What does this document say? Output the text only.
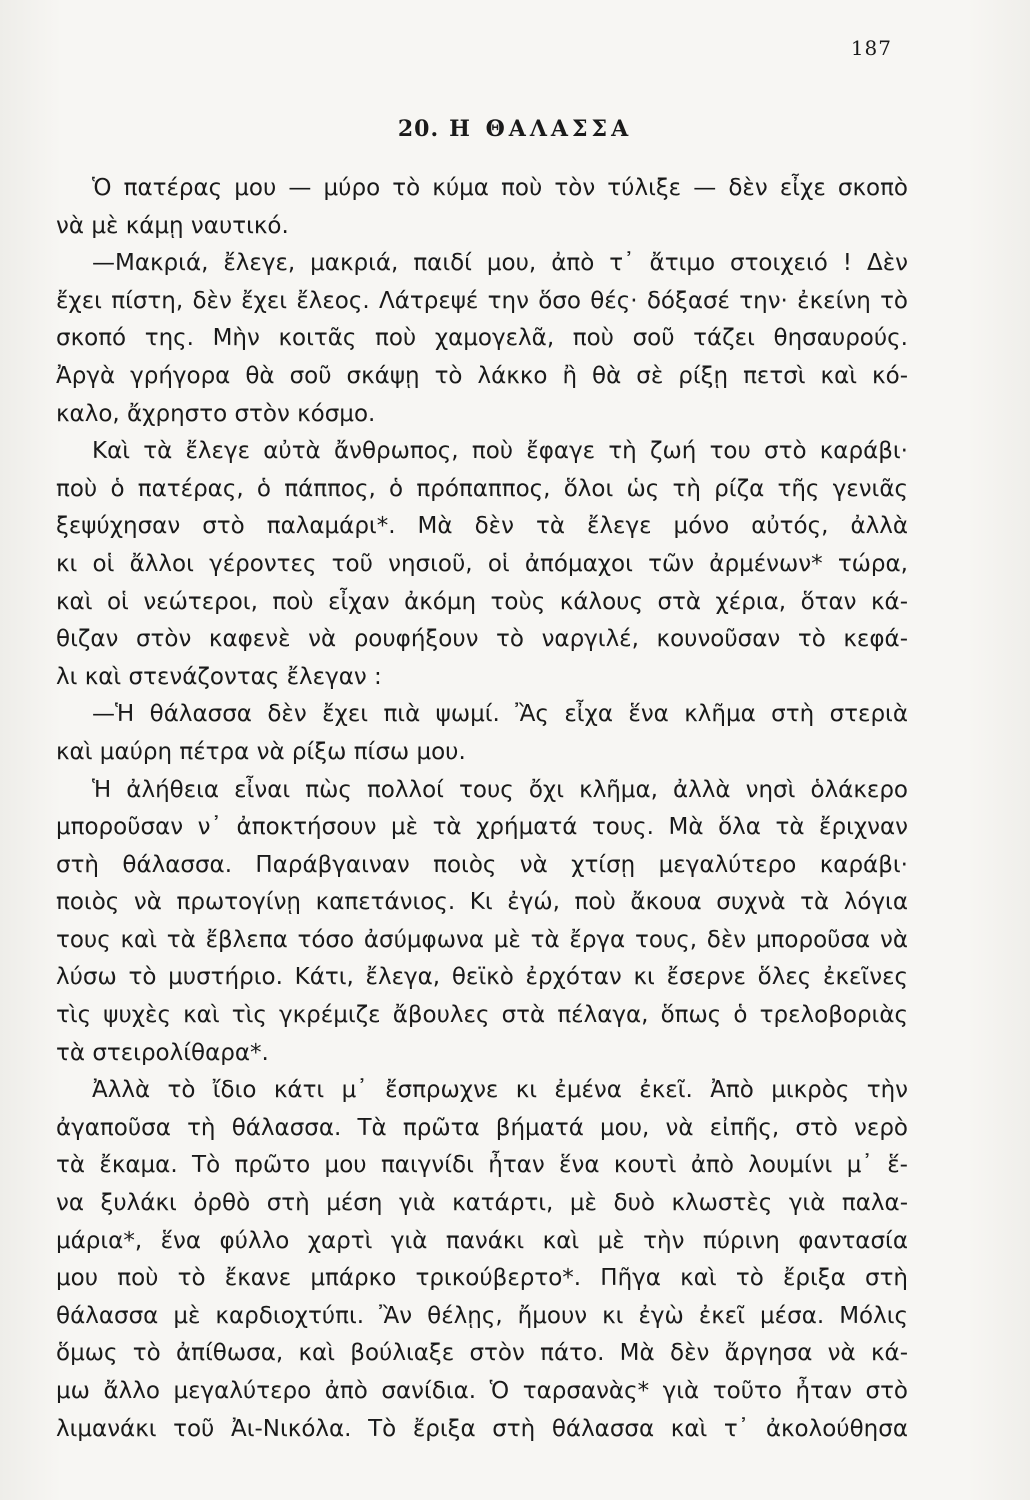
187
20. Η ΘΑΛΑΣΣΑ
Ὁ πατέρας μου — μύρο τὸ κύμα ποὺ τὸν τύλιξε — δὲν εἶχε σκοπὸ
νὰ μὲ κάμῃ ναυτικό.
—Μακριά, ἔλεγε, μακριά, παιδί μου, ἀπὸ τ᾿ ἄτιμο στοιχειό ! Δὲν
ἔχει πίστη, δὲν ἔχει ἔλεος. Λάτρεψέ την ὅσο θές· δόξασέ την· ἐκείνη τὸ
σκοπό της. Μὴν κοιτᾶς ποὺ χαμογελᾶ, ποὺ σοῦ τάζει θησαυρούς.
Ἀργὰ γρήγορα θὰ σοῦ σκάψῃ τὸ λάκκο ἢ θὰ σὲ ρίξῃ πετσὶ καὶ κό-
καλο, ἄχρηστο στὸν κόσμο.
Καὶ τὰ ἔλεγε αὐτὰ ἄνθρωπος, ποὺ ἔφαγε τὴ ζωή του στὸ καράβι·
ποὺ ὁ πατέρας, ὁ πάππος, ὁ πρόπαππος, ὅλοι ὡς τὴ ρίζα τῆς γενιᾶς
ξεψύχησαν στὸ παλαμάρι*. Μὰ δὲν τὰ ἔλεγε μόνο αὐτός, ἀλλὰ
κι οἱ ἄλλοι γέροντες τοῦ νησιοῦ, οἱ ἀπόμαχοι τῶν ἀρμένων* τώρα,
καὶ οἱ νεώτεροι, ποὺ εἶχαν ἀκόμη τοὺς κάλους στὰ χέρια, ὅταν κά-
θιζαν στὸν καφενὲ νὰ ρουφήξουν τὸ ναργιλέ, κουνοῦσαν τὸ κεφά-
λι καὶ στενάζοντας ἔλεγαν :
—Ἡ θάλασσα δὲν ἔχει πιὰ ψωμί. Ἂς εἶχα ἕνα κλῆμα στὴ στεριὰ
καὶ μαύρη πέτρα νὰ ρίξω πίσω μου.
Ἡ ἀλήθεια εἶναι πὼς πολλοί τους ὄχι κλῆμα, ἀλλὰ νησὶ ὁλάκερο
μποροῦσαν ν᾿ ἀποκτήσουν μὲ τὰ χρήματά τους. Μὰ ὅλα τὰ ἔριχναν
στὴ θάλασσα. Παράβγαιναν ποιὸς νὰ χτίσῃ μεγαλύτερο καράβι·
ποιὸς νὰ πρωτογίνῃ καπετάνιος. Κι ἐγώ, ποὺ ἄκουα συχνὰ τὰ λόγια
τους καὶ τὰ ἔβλεπα τόσο ἀσύμφωνα μὲ τὰ ἔργα τους, δὲν μποροῦσα νὰ
λύσω τὸ μυστήριο. Κάτι, ἔλεγα, θεϊκὸ ἐρχόταν κι ἔσερνε ὅλες ἐκεῖνες
τὶς ψυχὲς καὶ τὶς γκρέμιζε ἄβουλες στὰ πέλαγα, ὅπως ὁ τρελοβοριὰς
τὰ στειρολίθαρα*.
Ἀλλὰ τὸ ἴδιο κάτι μ᾿ ἔσπρωχνε κι ἐμένα ἐκεῖ. Ἀπὸ μικρὸς τὴν
ἀγαποῦσα τὴ θάλασσα. Τὰ πρῶτα βήματά μου, νὰ εἰπῆς, στὸ νερὸ
τὰ ἔκαμα. Τὸ πρῶτο μου παιγνίδι ἦταν ἕνα κουτὶ ἀπὸ λουμίνι μ᾿ ἕ-
να ξυλάκι ὀρθὸ στὴ μέση γιὰ κατάρτι, μὲ δυὸ κλωστὲς γιὰ παλα-
μάρια*, ἕνα φύλλο χαρτὶ γιὰ πανάκι καὶ μὲ τὴν πύρινη φαντασία
μου ποὺ τὸ ἔκανε μπάρκο τρικούβερτο*. Πῆγα καὶ τὸ ἔριξα στὴ
θάλασσα μὲ καρδιοχτύπι. Ἂν θέλῃς, ἤμουν κι ἐγὼ ἐκεῖ μέσα. Μόλις
ὅμως τὸ ἀπίθωσα, καὶ βούλιαξε στὸν πάτο. Μὰ δὲν ἄργησα νὰ κά-
μω ἄλλο μεγαλύτερο ἀπὸ σανίδια. Ὁ ταρσανὰς* γιὰ τοῦτο ἦταν στὸ
λιμανάκι τοῦ Ἀι-Νικόλα. Τὸ ἔριξα στὴ θάλασσα καὶ τ᾿ ἀκολούθησα
